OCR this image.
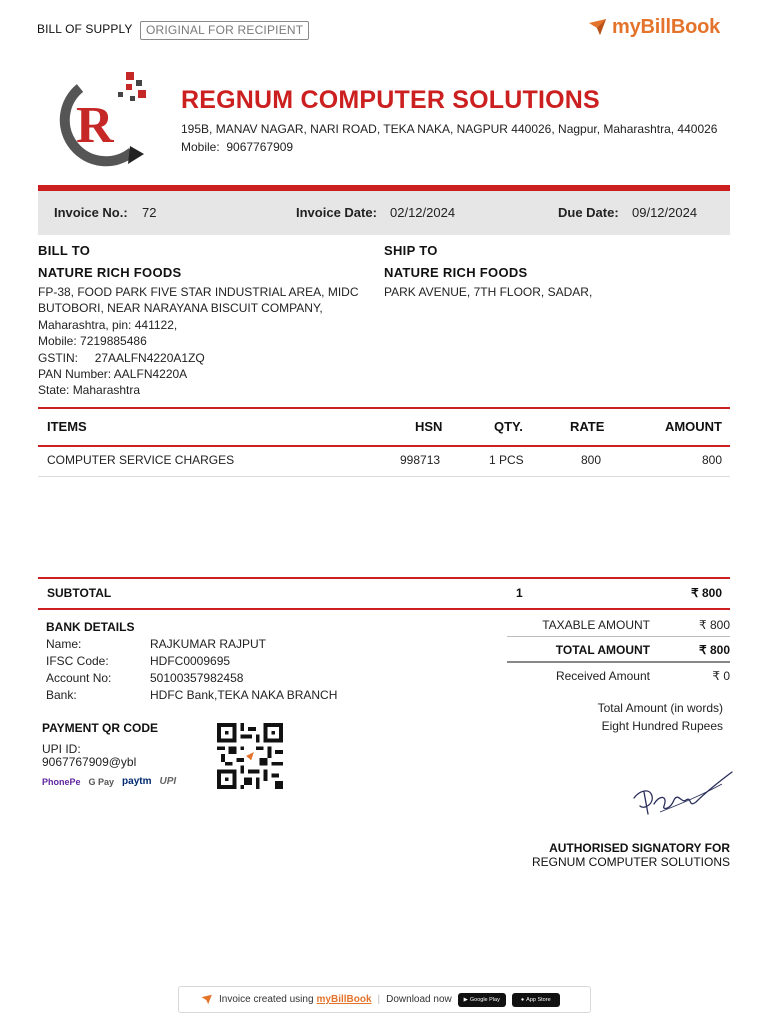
BILL OF SUPPLY	ORIGINAL FOR RECIPIENT	myBillBook
R	REGNUM COMPUTER SOLUTIONS
195B, MANAV NAGAR, NARI ROAD, TEKA NAKA, NAGPUR 440026, Nagpur, Maharashtra, 440026
Mobile: 9067767909
Invoice No.: 72	Invoice Date: 02/12/2024	Due Date: 09/12/2024
BILL TO
NATURE RICH FOODS
FP-38, FOOD PARK FIVE STAR INDUSTRIAL AREA, MIDC
BUTOBORI, NEAR NARAYANA BISCUIT COMPANY,
Maharashtra, pin: 441122,
Mobile: 7219885486
GSTIN: 27AALFN4220A1ZQ
PAN Number: AALFN4220A
State: Maharashtra
SHIP TO
NATURE RICH FOODS
PARK AVENUE, 7TH FLOOR, SADAR,
ITEMS	HSN	QTY.	RATE	AMOUNT
COMPUTER SERVICE CHARGES	998713	1 PCS	800	800
SUBTOTAL	1	₹ 800
BANK DETAILS
Name:	RAJKUMAR RAJPUT
IFSC Code:	HDFC0009695
Account No:	50100357982458
Bank:	HDFC Bank,TEKA NAKA BRANCH
TAXABLE AMOUNT	₹ 800
TOTAL AMOUNT	₹ 800
Received Amount	₹ 0
Total Amount (in words)
Eight Hundred Rupees
PAYMENT QR CODE
UPI ID:
9067767909@ybl
PhonePe G Pay paytm UPI
AUTHORISED SIGNATORY FOR
REGNUM COMPUTER SOLUTIONS
Invoice created using myBillBook | Download now ▶ Google Play	● App Store
